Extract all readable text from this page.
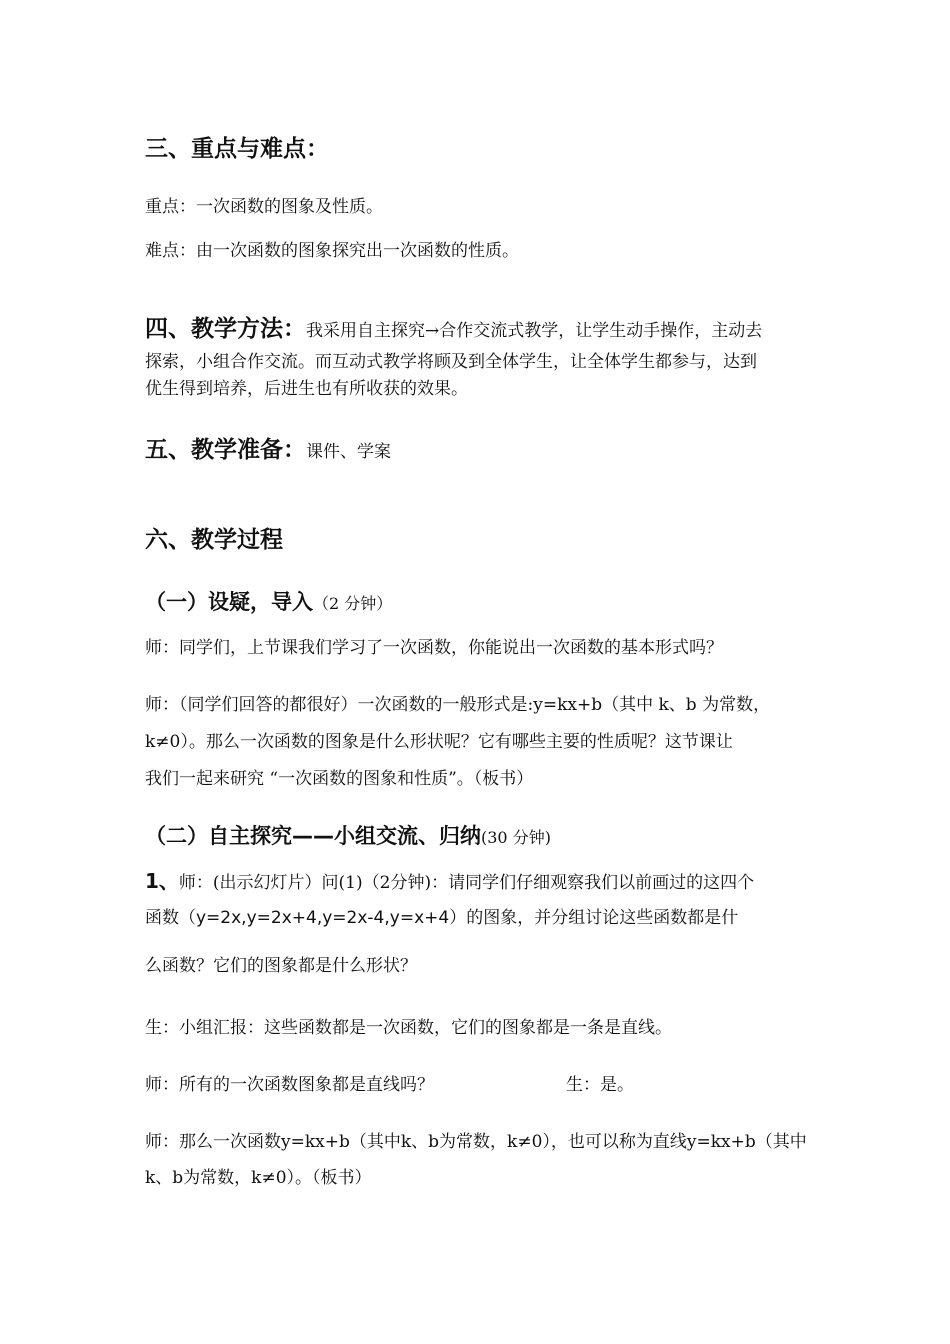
三、重点与难点：
重点：一次函数的图象及性质。
难点：由一次函数的图象探究出一次函数的性质。
四、教学方法：我采用自主探究→合作交流式教学，让学生动手操作，主动去
探索，小组合作交流。而互动式教学将顾及到全体学生，让全体学生都参与，达到
优生得到培养，后进生也有所收获的效果。
五、教学准备：课件、学案
六、教学过程
（一）设疑，导入（2 分钟）
师：同学们，上节课我们学习了一次函数，你能说出一次函数的基本形式吗？
师：（同学们回答的都很好）一次函数的一般形式是:y=kx+b（其中 k、b 为常数，
k≠0）。那么一次函数的图象是什么形状呢？它有哪些主要的性质呢？这节课让
我们一起来研究 “一次函数的图象和性质”。（板书）
（二）自主探究——小组交流、归纳(30 分钟)
1、师：(出示幻灯片）问(1)（2分钟)：请同学们仔细观察我们以前画过的这四个
函数（y=2x,y=2x+4,y=2x-4,y=x+4）的图象，并分组讨论这些函数都是什
么函数？它们的图象都是什么形状？
生：小组汇报：这些函数都是一次函数，它们的图象都是一条是直线。
师：所有的一次函数图象都是直线吗？	生：是。
师：那么一次函数y=kx+b（其中k、b为常数，k≠0），也可以称为直线y=kx+b（其中
k、b为常数，k≠0）。（板书）
